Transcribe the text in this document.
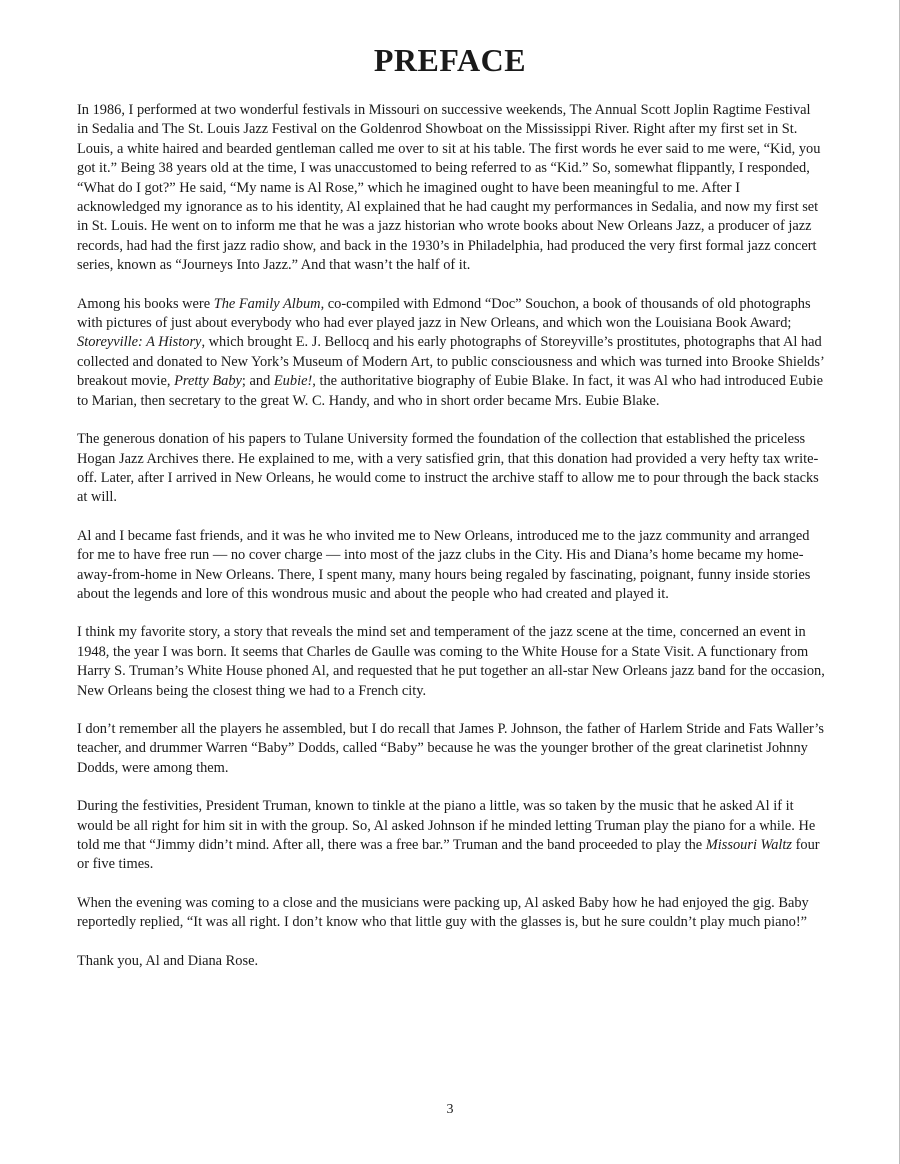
PREFACE

In 1986, I performed at two wonderful festivals in Missouri on successive weekends, The Annual Scott Joplin Ragtime Festival in Sedalia and The St. Louis Jazz Festival on the Goldenrod Showboat on the Mississippi River. Right after my first set in St. Louis, a white haired and bearded gentleman called me over to sit at his table. The first words he ever said to me were, “Kid, you got it.” Being 38 years old at the time, I was unaccustomed to being referred to as “Kid.” So, somewhat flippantly, I responded, “What do I got?” He said, “My name is Al Rose,” which he imagined ought to have been meaningful to me. After I acknowledged my ignorance as to his identity, Al explained that he had caught my performances in Sedalia, and now my first set in St. Louis. He went on to inform me that he was a jazz historian who wrote books about New Orleans Jazz, a producer of jazz records, had had the first jazz radio show, and back in the 1930’s in Philadelphia, had produced the very first formal jazz concert series, known as “Journeys Into Jazz.” And that wasn’t the half of it.

Among his books were The Family Album, co-compiled with Edmond “Doc” Souchon, a book of thousands of old photographs with pictures of just about everybody who had ever played jazz in New Orleans, and which won the Louisiana Book Award; Storeyville: A History, which brought E. J. Bellocq and his early photographs of Storeyville’s prostitutes, photographs that Al had collected and donated to New York’s Museum of Modern Art, to public consciousness and which was turned into Brooke Shields’ breakout movie, Pretty Baby; and Eubie!, the authoritative biography of Eubie Blake. In fact, it was Al who had introduced Eubie to Marian, then secretary to the great W. C. Handy, and who in short order became Mrs. Eubie Blake.

The generous donation of his papers to Tulane University formed the foundation of the collection that established the priceless Hogan Jazz Archives there. He explained to me, with a very satisfied grin, that this donation had provided a very hefty tax write-off. Later, after I arrived in New Orleans, he would come to instruct the archive staff to allow me to pour through the back stacks at will.

Al and I became fast friends, and it was he who invited me to New Orleans, introduced me to the jazz community and arranged for me to have free run — no cover charge — into most of the jazz clubs in the City. His and Diana’s home became my home-away-from-home in New Orleans. There, I spent many, many hours being regaled by fascinating, poignant, funny inside stories about the legends and lore of this wondrous music and about the people who had created and played it.

I think my favorite story, a story that reveals the mind set and temperament of the jazz scene at the time, concerned an event in 1948, the year I was born. It seems that Charles de Gaulle was coming to the White House for a State Visit. A functionary from Harry S. Truman’s White House phoned Al, and requested that he put together an all-star New Orleans jazz band for the occasion, New Orleans being the closest thing we had to a French city.

I don’t remember all the players he assembled, but I do recall that James P. Johnson, the father of Harlem Stride and Fats Waller’s teacher, and drummer Warren “Baby” Dodds, called “Baby” because he was the younger brother of the great clarinetist Johnny Dodds, were among them.

During the festivities, President Truman, known to tinkle at the piano a little, was so taken by the music that he asked Al if it would be all right for him sit in with the group. So, Al asked Johnson if he minded letting Truman play the piano for a while. He told me that “Jimmy didn’t mind. After all, there was a free bar.” Truman and the band proceeded to play the Missouri Waltz four or five times.

When the evening was coming to a close and the musicians were packing up, Al asked Baby how he had enjoyed the gig. Baby reportedly replied, “It was all right. I don’t know who that little guy with the glasses is, but he sure couldn’t play much piano!”

Thank you, Al and Diana Rose.

3
